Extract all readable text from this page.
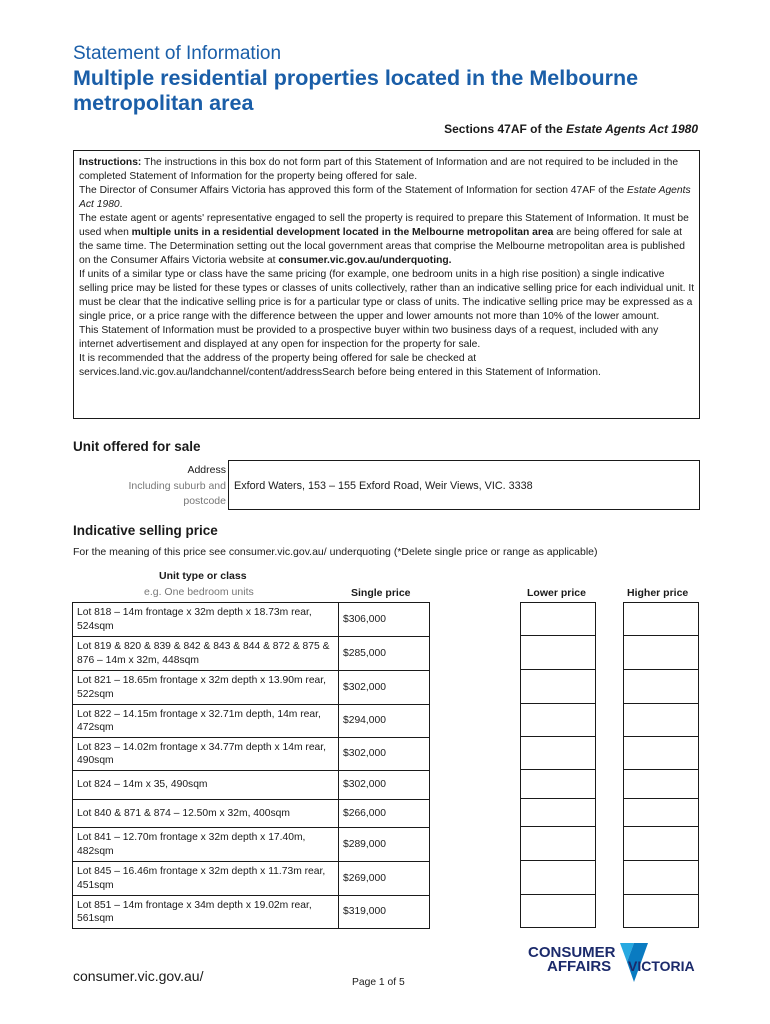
Statement of Information
Multiple residential properties located in the Melbourne metropolitan area
Sections 47AF of the Estate Agents Act 1980

Instructions: The instructions in this box do not form part of this Statement of Information and are not required to be included in the completed Statement of Information for the property being offered for sale.

The Director of Consumer Affairs Victoria has approved this form of the Statement of Information for section 47AF of the Estate Agents Act 1980.

The estate agent or agents' representative engaged to sell the property is required to prepare this Statement of Information. It must be used when multiple units in a residential development located in the Melbourne metropolitan area are being offered for sale at the same time. The Determination setting out the local government areas that comprise the Melbourne metropolitan area is published on the Consumer Affairs Victoria website at consumer.vic.gov.au/underquoting.

If units of a similar type or class have the same pricing (for example, one bedroom units in a high rise position) a single indicative selling price may be listed for these types or classes of units collectively, rather than an indicative selling price for each individual unit. It must be clear that the indicative selling price is for a particular type or class of units. The indicative selling price may be expressed as a single price, or a price range with the difference between the upper and lower amounts not more than 10% of the lower amount.

This Statement of Information must be provided to a prospective buyer within two business days of a request, included with any internet advertisement and displayed at any open for inspection for the property for sale.

It is recommended that the address of the property being offered for sale be checked at services.land.vic.gov.au/landchannel/content/addressSearch before being entered in this Statement of Information.

Unit offered for sale
Address
Including suburb and
postcode
Exford Waters, 153 – 155 Exford Road, Weir Views, VIC. 3338
Indicative selling price
For the meaning of this price see consumer.vic.gov.au/ underquoting (*Delete single price or range as applicable)
Unit type or class
e.g. One bedroom units	Single price	Lower price	Higher price
Lot 818 – 14m frontage x 32m depth x 18.73m rear, 524sqm	$306,000
Lot 819 & 820 & 839 & 842 & 843 & 844 & 872 & 875 & 876 – 14m x 32m, 448sqm	$285,000
Lot 821 – 18.65m frontage x 32m depth x 13.90m rear, 522sqm	$302,000
Lot 822 – 14.15m frontage x 32.71m depth, 14m rear, 472sqm	$294,000
Lot 823 – 14.02m frontage x 34.77m depth x 14m rear, 490sqm	$302,000
Lot 824 – 14m x 35, 490sqm	$302,000
Lot 840 & 871 & 874 – 12.50m x 32m, 400sqm	$266,000
Lot 841 – 12.70m frontage x 32m depth x 17.40m, 482sqm	$289,000
Lot 845 – 16.46m frontage x 32m depth x 11.73m rear, 451sqm	$269,000
Lot 851 – 14m frontage x 34m depth x 19.02m rear, 561sqm	$319,000
consumer.vic.gov.au/	Page 1 of 5
CONSUMER
AFFAIRS VICTORIA
